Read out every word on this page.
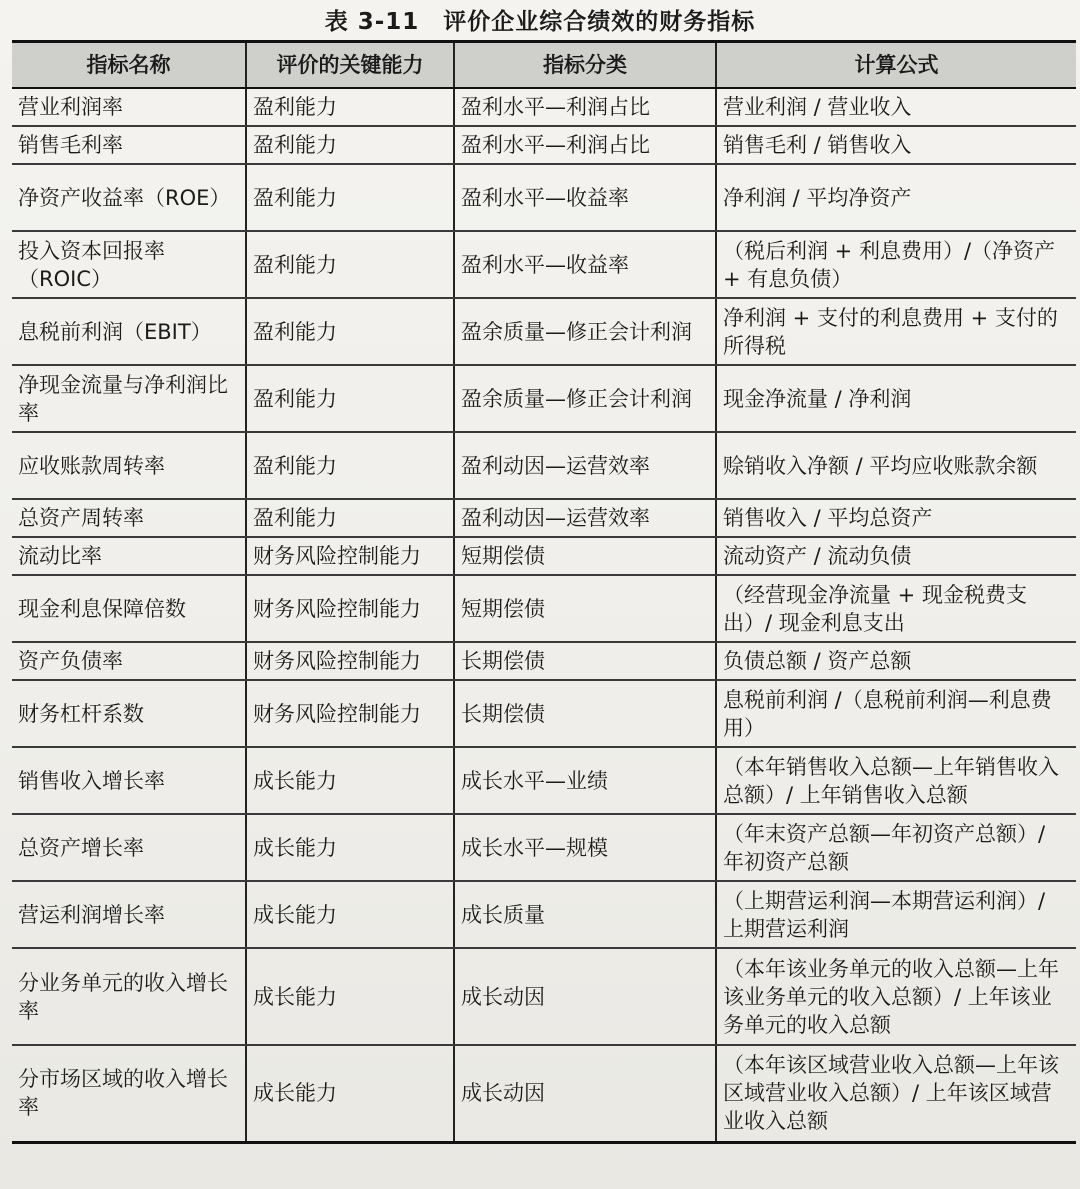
表 3-11　评价企业综合绩效的财务指标
指标名称	评价的关键能力	指标分类	计算公式
营业利润率	盈利能力	盈利水平—利润占比	营业利润 / 营业收入
销售毛利率	盈利能力	盈利水平—利润占比	销售毛利 / 销售收入
净资产收益率（ROE）	盈利能力	盈利水平—收益率	净利润 / 平均净资产
投入资本回报率（ROIC）	盈利能力	盈利水平—收益率	（税后利润 + 利息费用）/（净资产 + 有息负债）
息税前利润（EBIT）	盈利能力	盈余质量—修正会计利润	净利润 + 支付的利息费用 + 支付的所得税
净现金流量与净利润比率	盈利能力	盈余质量—修正会计利润	现金净流量 / 净利润
应收账款周转率	盈利能力	盈利动因—运营效率	赊销收入净额 / 平均应收账款余额
总资产周转率	盈利能力	盈利动因—运营效率	销售收入 / 平均总资产
流动比率	财务风险控制能力	短期偿债	流动资产 / 流动负债
现金利息保障倍数	财务风险控制能力	短期偿债	（经营现金净流量 + 现金税费支出）/ 现金利息支出
资产负债率	财务风险控制能力	长期偿债	负债总额 / 资产总额
财务杠杆系数	财务风险控制能力	长期偿债	息税前利润 /（息税前利润—利息费用）
销售收入增长率	成长能力	成长水平—业绩	（本年销售收入总额—上年销售收入总额）/ 上年销售收入总额
总资产增长率	成长能力	成长水平—规模	（年末资产总额—年初资产总额）/ 年初资产总额
营运利润增长率	成长能力	成长质量	（上期营运利润—本期营运利润）/ 上期营运利润
分业务单元的收入增长率	成长能力	成长动因	（本年该业务单元的收入总额—上年该业务单元的收入总额）/ 上年该业务单元的收入总额
分市场区域的收入增长率	成长能力	成长动因	（本年该区域营业收入总额—上年该区域营业收入总额）/ 上年该区域营业收入总额
